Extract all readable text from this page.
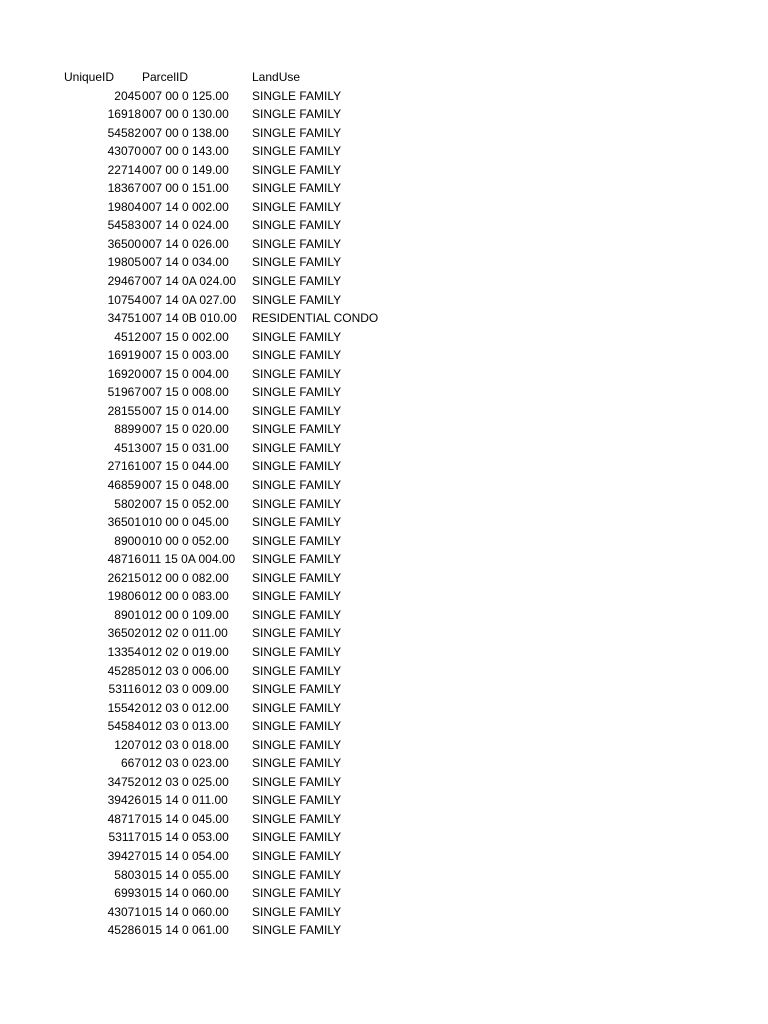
UniqueID ParcelID	LandUse
2045 007 00 0 125.00	SINGLE FAMILY
16918 007 00 0 130.00	SINGLE FAMILY
54582 007 00 0 138.00	SINGLE FAMILY
43070 007 00 0 143.00	SINGLE FAMILY
22714 007 00 0 149.00	SINGLE FAMILY
18367 007 00 0 151.00	SINGLE FAMILY
19804 007 14 0 002.00	SINGLE FAMILY
54583 007 14 0 024.00	SINGLE FAMILY
36500 007 14 0 026.00	SINGLE FAMILY
19805 007 14 0 034.00	SINGLE FAMILY
29467 007 14 0A 024.00	SINGLE FAMILY
10754 007 14 0A 027.00	SINGLE FAMILY
34751 007 14 0B 010.00	RESIDENTIAL CONDO
4512 007 15 0 002.00	SINGLE FAMILY
16919 007 15 0 003.00	SINGLE FAMILY
16920 007 15 0 004.00	SINGLE FAMILY
51967 007 15 0 008.00	SINGLE FAMILY
28155 007 15 0 014.00	SINGLE FAMILY
8899 007 15 0 020.00	SINGLE FAMILY
4513 007 15 0 031.00	SINGLE FAMILY
27161 007 15 0 044.00	SINGLE FAMILY
46859 007 15 0 048.00	SINGLE FAMILY
5802 007 15 0 052.00	SINGLE FAMILY
36501 010 00 0 045.00	SINGLE FAMILY
8900 010 00 0 052.00	SINGLE FAMILY
48716 011 15 0A 004.00	SINGLE FAMILY
26215 012 00 0 082.00	SINGLE FAMILY
19806 012 00 0 083.00	SINGLE FAMILY
8901 012 00 0 109.00	SINGLE FAMILY
36502 012 02 0 011.00	SINGLE FAMILY
13354 012 02 0 019.00	SINGLE FAMILY
45285 012 03 0 006.00	SINGLE FAMILY
53116 012 03 0 009.00	SINGLE FAMILY
15542 012 03 0 012.00	SINGLE FAMILY
54584 012 03 0 013.00	SINGLE FAMILY
1207 012 03 0 018.00	SINGLE FAMILY
667 012 03 0 023.00	SINGLE FAMILY
34752 012 03 0 025.00	SINGLE FAMILY
39426 015 14 0 011.00	SINGLE FAMILY
48717 015 14 0 045.00	SINGLE FAMILY
53117 015 14 0 053.00	SINGLE FAMILY
39427 015 14 0 054.00	SINGLE FAMILY
5803 015 14 0 055.00	SINGLE FAMILY
6993 015 14 0 060.00	SINGLE FAMILY
43071 015 14 0 060.00	SINGLE FAMILY
45286 015 14 0 061.00	SINGLE FAMILY
